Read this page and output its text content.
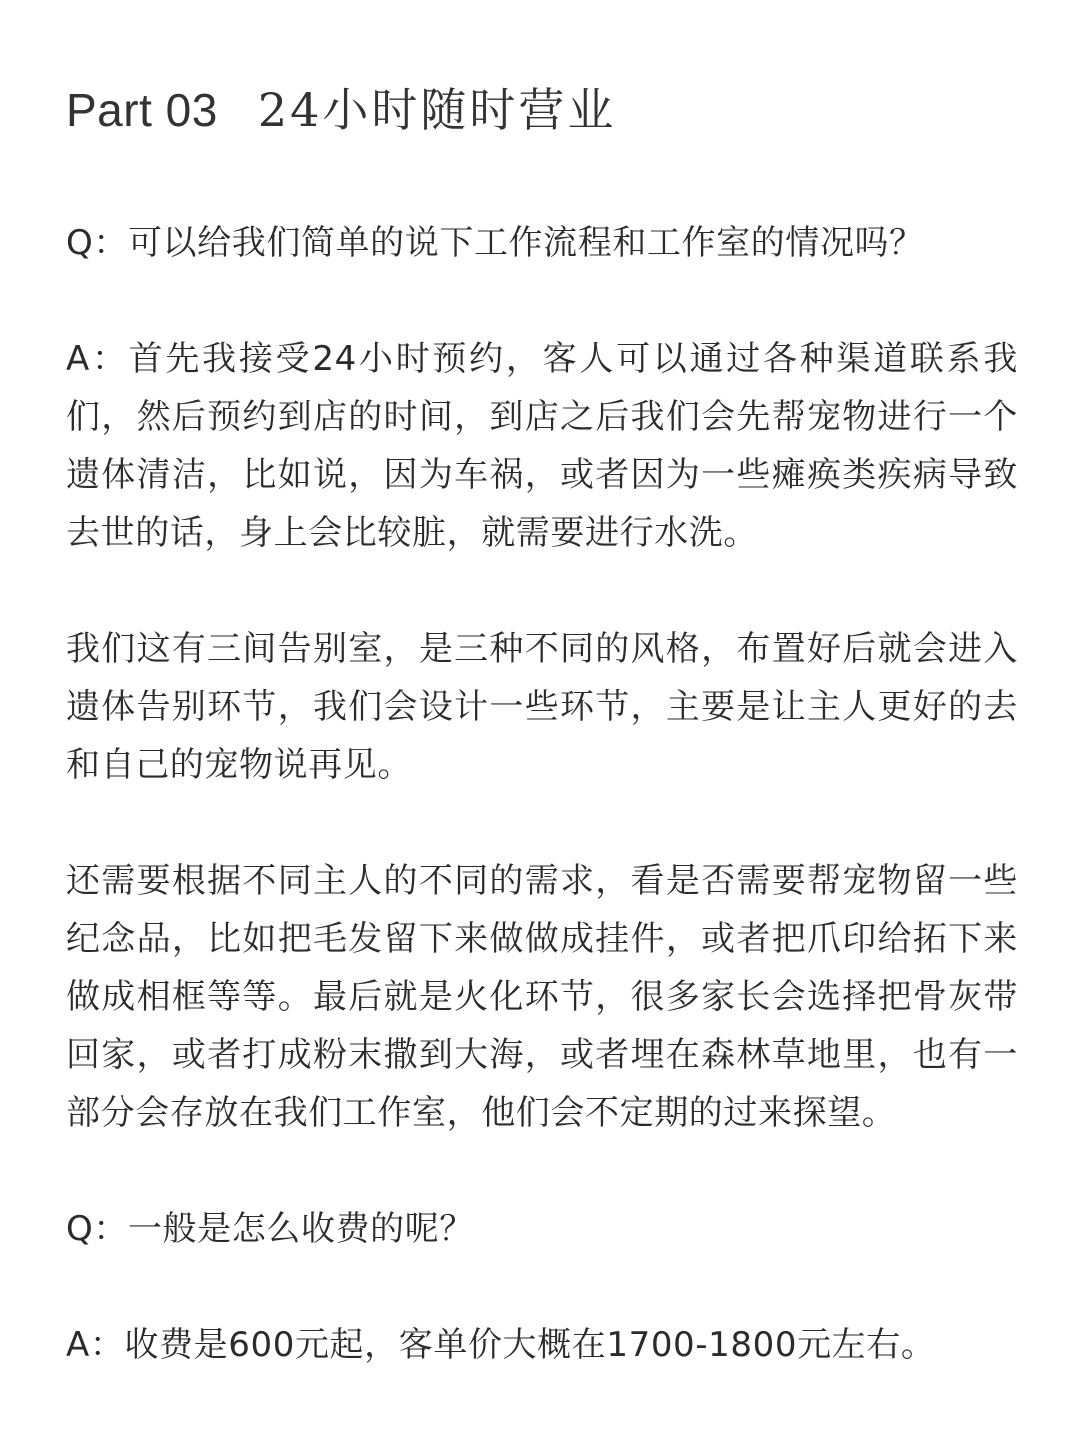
Part 03 24小时随时营业

Q：可以给我们简单的说下工作流程和工作室的情况吗？

A：首先我接受24小时预约，客人可以通过各种渠道联系我们，然后预约到店的时间，到店之后我们会先帮宠物进行一个遗体清洁，比如说，因为车祸，或者因为一些瘫痪类疾病导致去世的话，身上会比较脏，就需要进行水洗。

我们这有三间告别室，是三种不同的风格，布置好后就会进入遗体告别环节，我们会设计一些环节，主要是让主人更好的去和自己的宠物说再见。

还需要根据不同主人的不同的需求，看是否需要帮宠物留一些纪念品，比如把毛发留下来做做成挂件，或者把爪印给拓下来做成相框等等。最后就是火化环节，很多家长会选择把骨灰带回家，或者打成粉末撒到大海，或者埋在森林草地里，也有一部分会存放在我们工作室，他们会不定期的过来探望。

Q：一般是怎么收费的呢？

A：收费是600元起，客单价大概在1700-1800元左右。
